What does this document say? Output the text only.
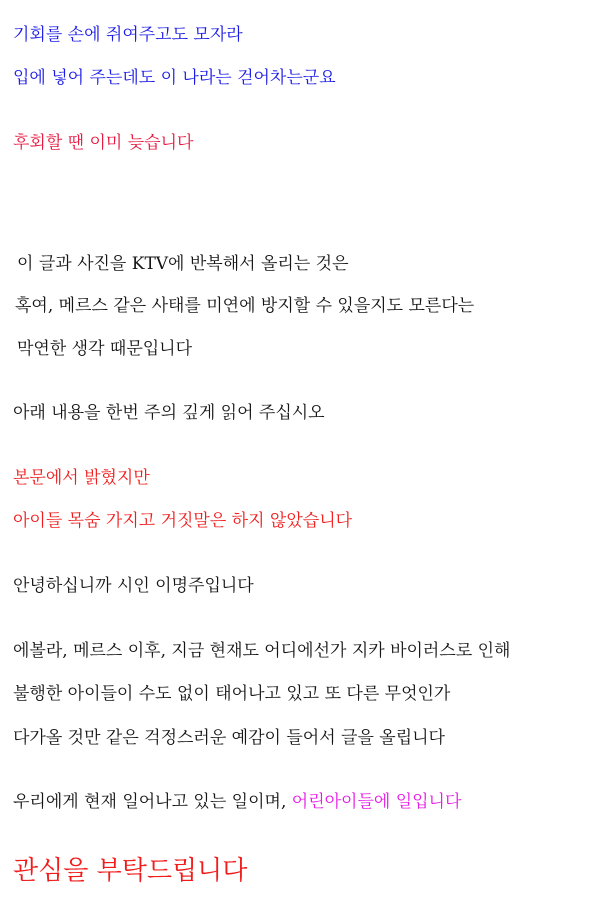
기회를 손에 쥐여주고도 모자라

입에 넣어 주는데도 이 나라는 걷어차는군요

후회할 땐 이미 늦습니다

이 글과 사진을 KTV에 반복해서 올리는 것은

혹여, 메르스 같은 사태를 미연에 방지할 수 있을지도 모른다는

막연한 생각 때문입니다

아래 내용을 한번 주의 깊게 읽어 주십시오

본문에서 밝혔지만

아이들 목숨 가지고 거짓말은 하지 않았습니다

안녕하십니까 시인 이명주입니다

에볼라, 메르스 이후, 지금 현재도 어디에선가 지카 바이러스로 인해

불행한 아이들이 수도 없이 태어나고 있고 또 다른 무엇인가

다가올 것만 같은 걱정스러운 예감이 들어서 글을 올립니다

우리에게 현재 일어나고 있는 일이며, 어린아이들에 일입니다

관심을 부탁드립니다
